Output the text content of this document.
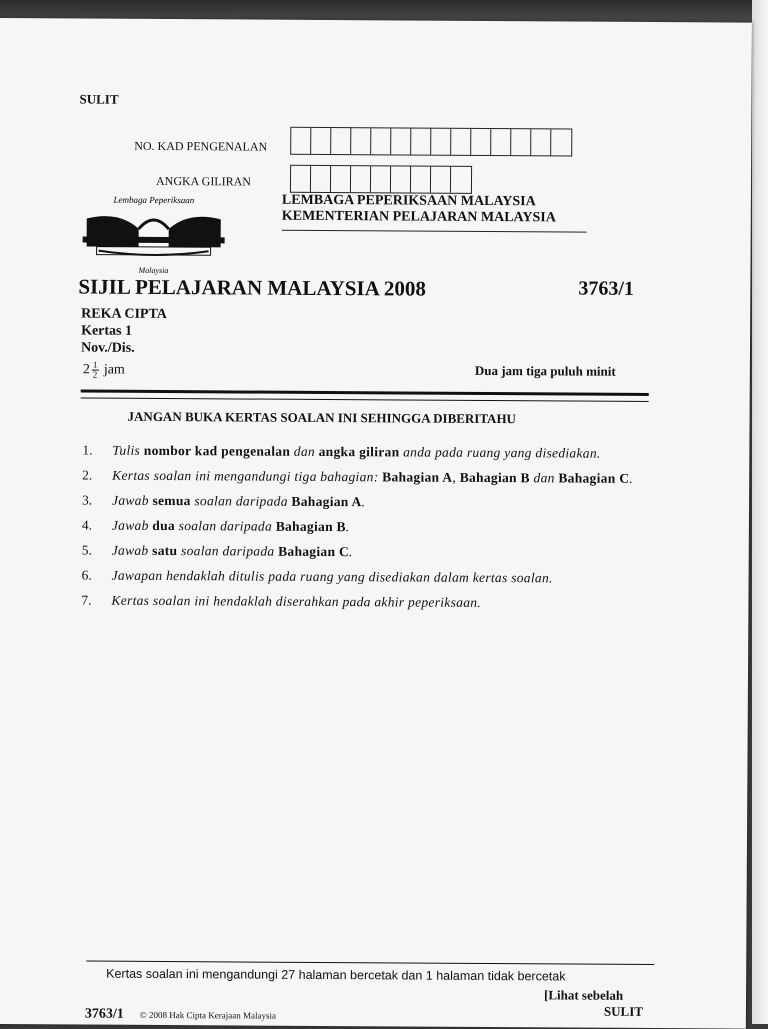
SULIT
NO. KAD PENGENALAN
ANGKA GILIRAN
Lembaga Peperiksaan
Malaysia
LEMBAGA PEPERIKSAAN MALAYSIA
KEMENTERIAN PELAJARAN MALAYSIA
SIJIL PELAJARAN MALAYSIA 2008	3763/1
REKA CIPTA
Kertas 1
Nov./Dis.
$2 \frac{1}{2}$ jam	Dua jam tiga puluh minit
JANGAN BUKA KERTAS SOALAN INI SEHINGGA DIBERITAHU
1.	Tulis nombor kad pengenalan dan angka giliran anda pada ruang yang disediakan.
2.	Kertas soalan ini mengandungi tiga bahagian: Bahagian A, Bahagian B dan Bahagian C.
3.	Jawab semua soalan daripada Bahagian A.
4.	Jawab dua soalan daripada Bahagian B.
5.	Jawab satu soalan daripada Bahagian C.
6.	Jawapan hendaklah ditulis pada ruang yang disediakan dalam kertas soalan.
7.	Kertas soalan ini hendaklah diserahkan pada akhir peperiksaan.
Kertas soalan ini mengandungi 27 halaman bercetak dan 1 halaman tidak bercetak
[Lihat sebelah
3763/1 © 2008 Hak Cipta Kerajaan Malaysia	SULIT
